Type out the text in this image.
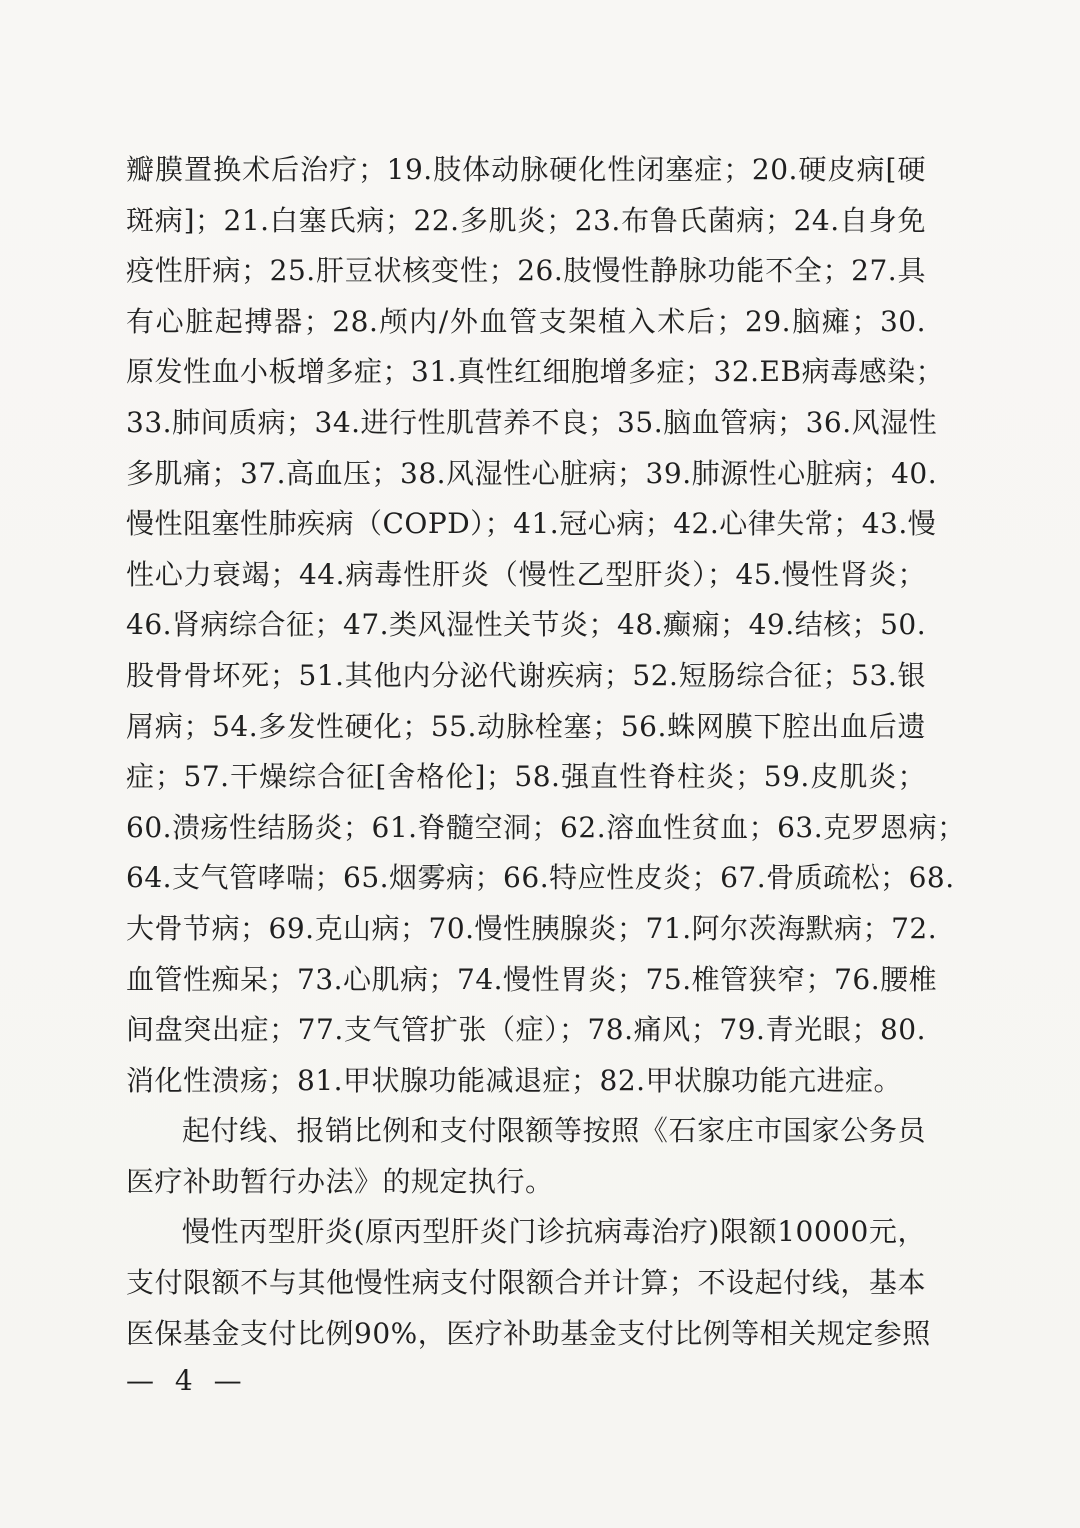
瓣膜置换术后治疗；19.肢体动脉硬化性闭塞症；20.硬皮病[硬
斑病]；21.白塞氏病；22.多肌炎；23.布鲁氏菌病；24.自身免
疫性肝病；25.肝豆状核变性；26.肢慢性静脉功能不全；27.具
有心脏起搏器；28.颅内/外血管支架植入术后；29.脑瘫；30.
原发性血小板增多症；31.真性红细胞增多症；32.EB病毒感染；
33.肺间质病；34.进行性肌营养不良；35.脑血管病；36.风湿性
多肌痛；37.高血压；38.风湿性心脏病；39.肺源性心脏病；40.
慢性阻塞性肺疾病（COPD）；41.冠心病；42.心律失常；43.慢
性心力衰竭；44.病毒性肝炎（慢性乙型肝炎）；45.慢性肾炎；
46.肾病综合征；47.类风湿性关节炎；48.癫痫；49.结核；50.
股骨骨坏死；51.其他内分泌代谢疾病；52.短肠综合征；53.银
屑病；54.多发性硬化；55.动脉栓塞；56.蛛网膜下腔出血后遗
症；57.干燥综合征[舍格伦]；58.强直性脊柱炎；59.皮肌炎；
60.溃疡性结肠炎；61.脊髓空洞；62.溶血性贫血；63.克罗恩病；
64.支气管哮喘；65.烟雾病；66.特应性皮炎；67.骨质疏松；68.
大骨节病；69.克山病；70.慢性胰腺炎；71.阿尔茨海默病；72.
血管性痴呆；73.心肌病；74.慢性胃炎；75.椎管狭窄；76.腰椎
间盘突出症；77.支气管扩张（症）；78.痛风；79.青光眼；80.
消化性溃疡；81.甲状腺功能减退症；82.甲状腺功能亢进症。
起付线、报销比例和支付限额等按照《石家庄市国家公务员
医疗补助暂行办法》的规定执行。
慢性丙型肝炎(原丙型肝炎门诊抗病毒治疗)限额10000元，
支付限额不与其他慢性病支付限额合并计算；不设起付线，基本
医保基金支付比例90%，医疗补助基金支付比例等相关规定参照
— 4 —
